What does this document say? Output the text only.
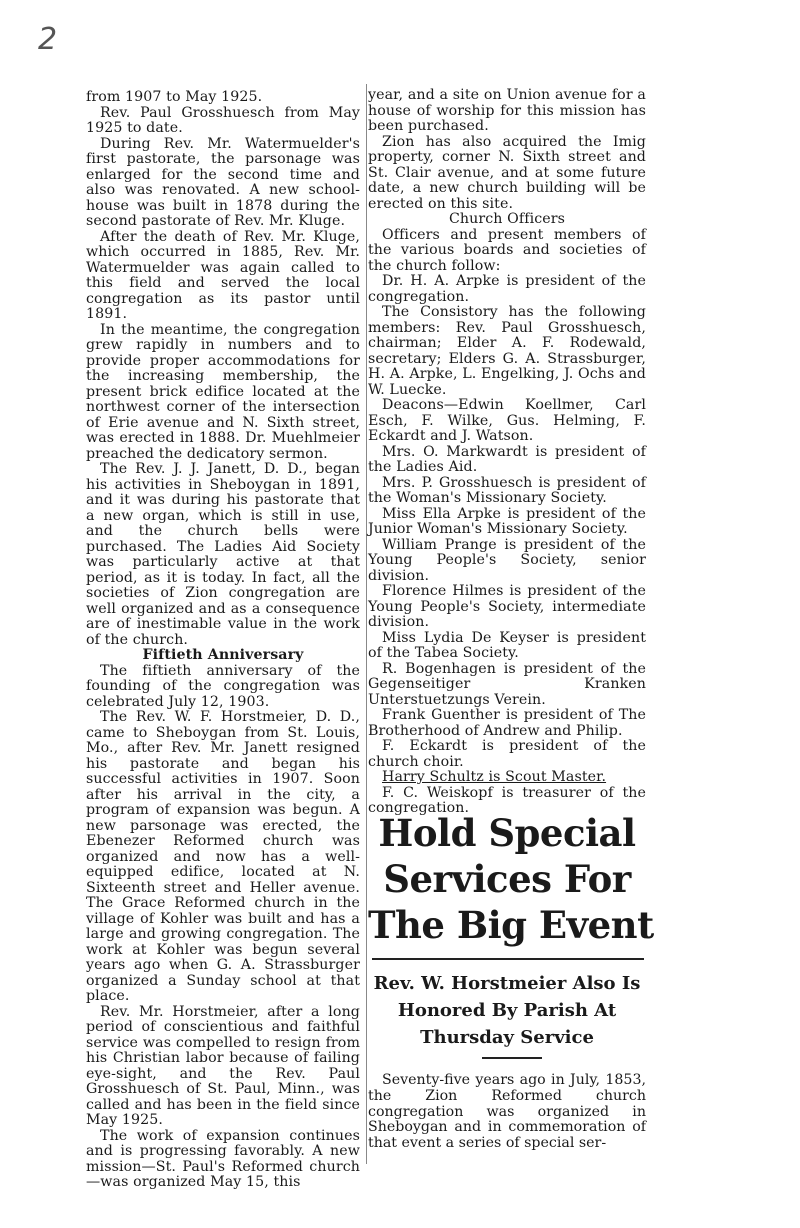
2

from 1907 to May 1925.

Rev. Paul Grosshuesch from May 1925 to date.

During Rev. Mr. Watermuelder's first pastorate, the parsonage was enlarged for the second time and also was renovated. A new school-house was built in 1878 during the second pastorate of Rev. Mr. Kluge.

After the death of Rev. Mr. Kluge, which occurred in 1885, Rev. Mr. Watermuelder was again called to this field and served the local congregation as its pastor until 1891.

In the meantime, the congregation grew rapidly in numbers and to provide proper accommodations for the increasing membership, the present brick edifice located at the northwest corner of the intersection of Erie avenue and N. Sixth street, was erected in 1888. Dr. Muehlmeier preached the dedicatory sermon.

The Rev. J. J. Janett, D. D., began his activities in Sheboygan in 1891, and it was during his pastorate that a new organ, which is still in use, and the church bells were purchased. The Ladies Aid Society was particularly active at that period, as it is today. In fact, all the societies of Zion congregation are well organized and as a consequence are of inestimable value in the work of the church.

Fiftieth Anniversary

The fiftieth anniversary of the founding of the congregation was celebrated July 12, 1903.

The Rev. W. F. Horstmeier, D. D., came to Sheboygan from St. Louis, Mo., after Rev. Mr. Janett resigned his pastorate and began his successful activities in 1907. Soon after his arrival in the city, a program of expansion was begun. A new parsonage was erected, the Ebenezer Reformed church was organized and now has a well-equipped edifice, located at N. Sixteenth street and Heller avenue. The Grace Reformed church in the village of Kohler was built and has a large and growing congregation. The work at Kohler was begun several years ago when G. A. Strassburger organized a Sunday school at that place.

Rev. Mr. Horstmeier, after a long period of conscientious and faithful service was compelled to resign from his Christian labor because of failing eye-sight, and the Rev. Paul Grosshuesch of St. Paul, Minn., was called and has been in the field since May 1925.

The work of expansion continues and is progressing favorably. A new mission—St. Paul's Reformed church—was organized May 15, this

year, and a site on Union avenue for a house of worship for this mission has been purchased.

Zion has also acquired the Imig property, corner N. Sixth street and St. Clair avenue, and at some future date, a new church building will be erected on this site.

Church Officers

Officers and present members of the various boards and societies of the church follow:

Dr. H. A. Arpke is president of the congregation.

The Consistory has the following members: Rev. Paul Grosshuesch, chairman; Elder A. F. Rodewald, secretary; Elders G. A. Strassburger, H. A. Arpke, L. Engelking, J. Ochs and W. Luecke.

Deacons—Edwin Koellmer, Carl Esch, F. Wilke, Gus. Helming, F. Eckardt and J. Watson.

Mrs. O. Markwardt is president of the Ladies Aid.

Mrs. P. Grosshuesch is president of the Woman's Missionary Society.

Miss Ella Arpke is president of the Junior Woman's Missionary Society.

William Prange is president of the Young People's Society, senior division.

Florence Hilmes is president of the Young People's Society, intermediate division.

Miss Lydia De Keyser is president of the Tabea Society.

R. Bogenhagen is president of the Gegenseitiger Kranken Unterstuetzungs Verein.

Frank Guenther is president of The Brotherhood of Andrew and Philip.

F. Eckardt is president of the church choir.

Harry Schultz is Scout Master.

F. C. Weiskopf is treasurer of the congregation.

Hold Special
Services For
The Big Event
Rev. W. Horstmeier Also Is
Honored By Parish At
Thursday Service

Seventy-five years ago in July, 1853, the Zion Reformed church congregation was organized in Sheboygan and in commemoration of that event a series of special ser-
